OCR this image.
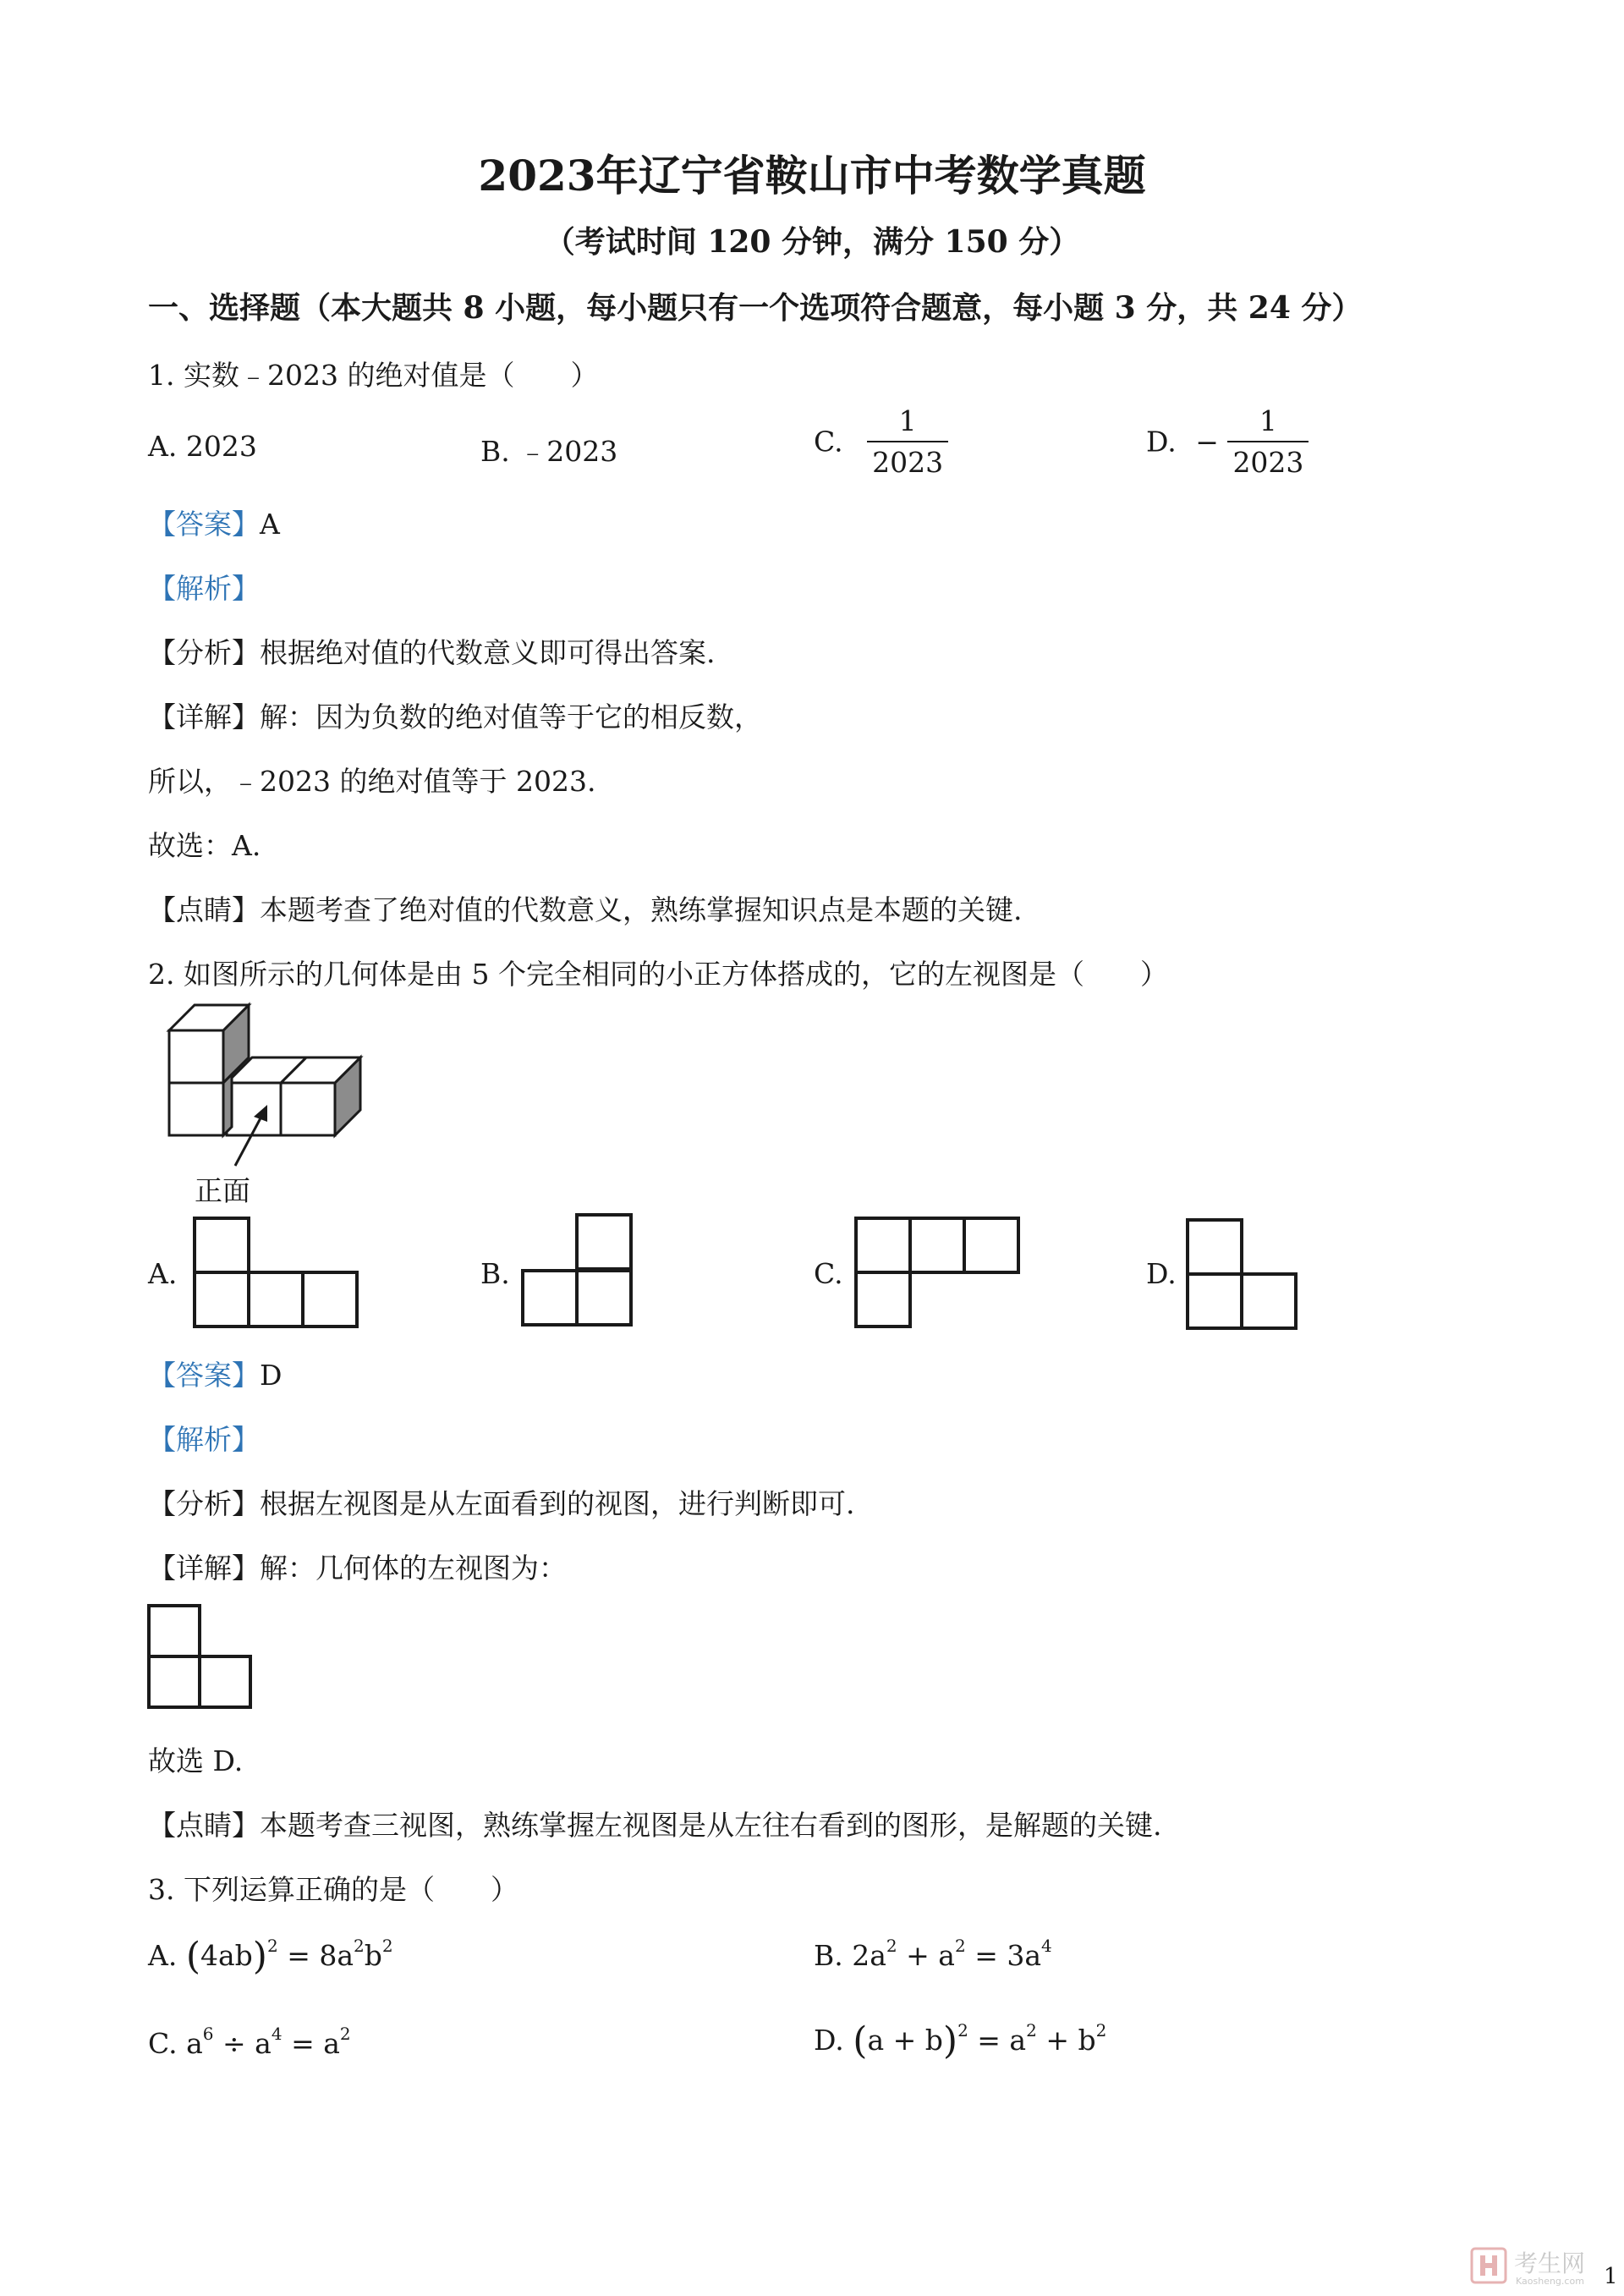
2023年辽宁省鞍山市中考数学真题
（考试时间 120 分钟，满分 150 分）
一、选择题（本大题共 8 小题，每小题只有一个选项符合题意，每小题 3 分，共 24 分）
1. 实数﹣2023 的绝对值是（　　）
A. 2023	B. ﹣2023	C. $\frac{1}{2023}$	D. − $\frac{1}{2023}$
【答案】A
【解析】
【分析】根据绝对值的代数意义即可得出答案.
【详解】解：因为负数的绝对值等于它的相反数，
所以，﹣2023 的绝对值等于 2023.
故选：A.
【点睛】本题考查了绝对值的代数意义，熟练掌握知识点是本题的关键.
2. 如图所示的几何体是由 5 个完全相同的小正方体搭成的，它的左视图是（　　）
正面
A.	B.	C.	D.
【答案】D
【解析】
【分析】根据左视图是从左面看到的视图，进行判断即可.
【详解】解：几何体的左视图为：
故选 D.
【点睛】本题考查三视图，熟练掌握左视图是从左往右看到的图形，是解题的关键.
3. 下列运算正确的是（　　）
A. $(4ab)^2 = 8a^2b^2$	B. $2a^2 + a^2 = 3a^4$
C. $a^6 \div a^4 = a^2$	D. $(a + b)^2 = a^2 + b^2$
1
考生网
Kaosheng.com
